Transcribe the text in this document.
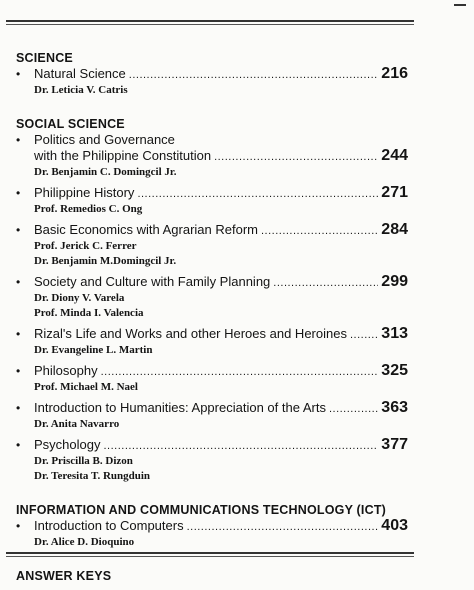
SCIENCE
•	Natural Science .....	216
Dr. Leticia V. Catris
SOCIAL SCIENCE
•	Politics and Governance
with the Philippine Constitution .....	244
Dr. Benjamin C. Domingcil Jr.
•	Philippine History .....	271
Prof. Remedios C. Ong
•	Basic Economics with Agrarian Reform .....	284
Prof. Jerick C. Ferrer
Dr. Benjamin M.Domingcil Jr.
•	Society and Culture with Family Planning .....	299
Dr. Diony V. Varela
Prof. Minda I. Valencia
•	Rizal's Life and Works and other Heroes and Heroines ..... 313
Dr. Evangeline L. Martin
•	Philosophy .....	325
Prof. Michael M. Nael
•	Introduction to Humanities: Appreciation of the Arts .....	363
Dr. Anita Navarro
•	Psychology .....	377
Dr. Priscilla B. Dizon
Dr. Teresita T. Rungduin
INFORMATION AND COMMUNICATIONS TECHNOLOGY (ICT)
•	Introduction to Computers .....	403
Dr. Alice D. Dioquino
ANSWER KEYS
